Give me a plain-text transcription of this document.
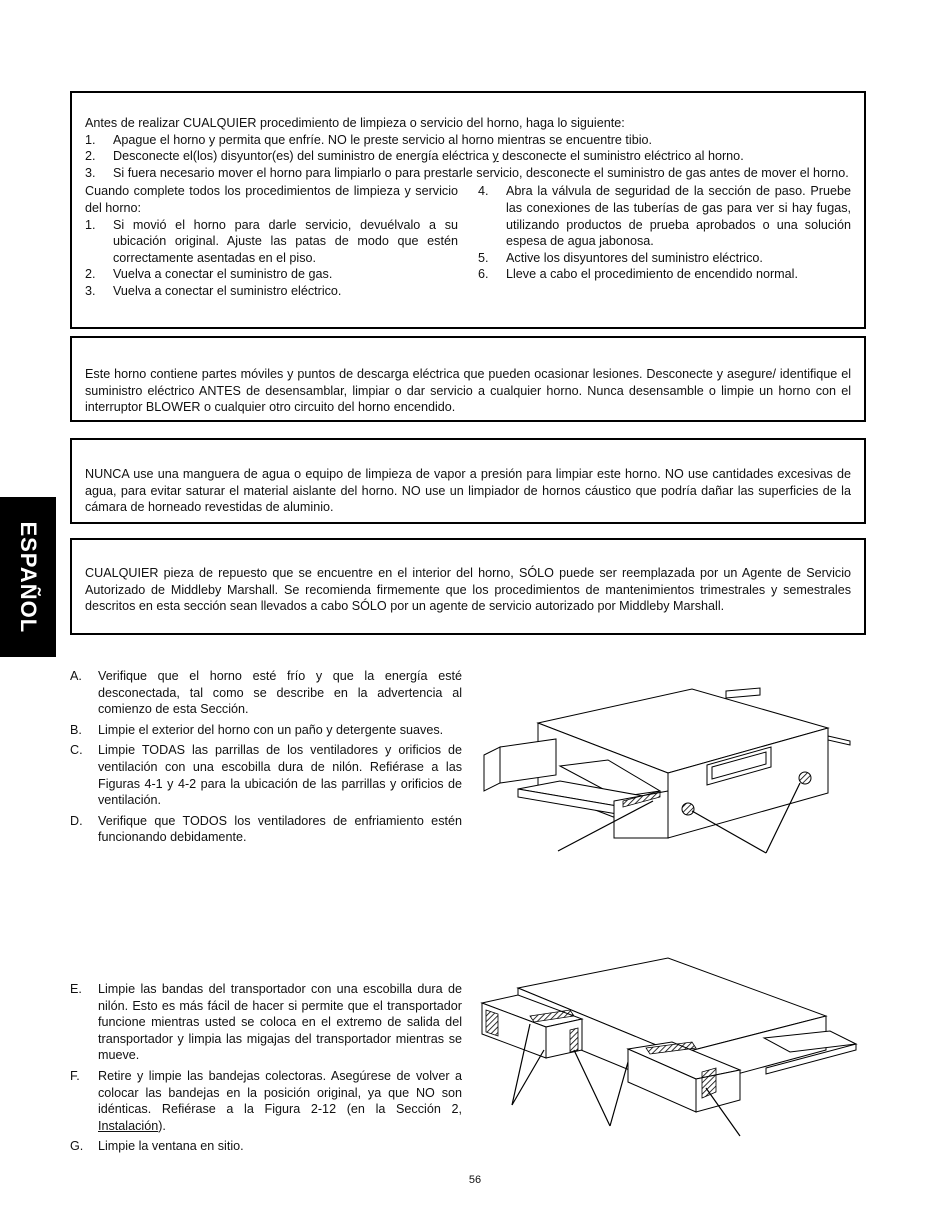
ESPAÑOL

Antes de realizar CUALQUIER procedimiento de limpieza o servicio del horno, haga lo siguiente:

1. Apague el horno y permita que enfríe. NO le preste servicio al horno mientras se encuentre tibio.
2. Desconecte el(los) disyuntor(es) del suministro de energía eléctrica y desconecte el suministro eléctrico al horno.
3. Si fuera necesario mover el horno para limpiarlo o para prestarle servicio, desconecte el suministro de gas antes de mover el horno.

Cuando complete todos los procedimientos de limpieza y servicio del horno:

1. Si movió el horno para darle servicio, devuélvalo a su ubicación original. Ajuste las patas de modo que estén correctamente asentadas en el piso.
2. Vuelva a conectar el suministro de gas.
3. Vuelva a conectar el suministro eléctrico.
4. Abra la válvula de seguridad de la sección de paso. Pruebe las conexiones de las tuberías de gas para ver si hay fugas, utilizando productos de prueba aprobados o una solución espesa de agua jabonosa.
5. Active los disyuntores del suministro eléctrico.
6. Lleve a cabo el procedimiento de encendido normal.

Este horno contiene partes móviles y puntos de descarga eléctrica que pueden ocasionar lesiones. Desconecte y asegure/ identifique el suministro eléctrico ANTES de desensamblar, limpiar o dar servicio a cualquier horno. Nunca desensamble o limpie un horno con el interruptor BLOWER o cualquier otro circuito del horno encendido.

NUNCA use una manguera de agua o equipo de limpieza de vapor a presión para limpiar este horno. NO use cantidades excesivas de agua, para evitar saturar el material aislante del horno. NO use un limpiador de hornos cáustico que podría dañar las superficies de la cámara de horneado revestidas de aluminio.

CUALQUIER pieza de repuesto que se encuentre en el interior del horno, SÓLO puede ser reemplazada por un Agente de Servicio Autorizado de Middleby Marshall. Se recomienda firmemente que los procedimientos de mantenimientos trimestrales y semestrales descritos en esta sección sean llevados a cabo SÓLO por un agente de servicio autorizado por Middleby Marshall.

A. Verifique que el horno esté frío y que la energía esté desconectada, tal como se describe en la advertencia al comienzo de esta Sección.
B. Limpie el exterior del horno con un paño y detergente suaves.
C. Limpie TODAS las parrillas de los ventiladores y orificios de ventilación con una escobilla dura de nilón. Refiérase a las Figuras 4-1 y 4-2 para la ubicación de las parrillas y orificios de ventilación.
D. Verifique que TODOS los ventiladores de enfriamiento estén funcionando debidamente.
E. Limpie las bandas del transportador con una escobilla dura de nilón. Esto es más fácil de hacer si permite que el transportador funcione mientras usted se coloca en el extremo de salida del transportador y limpia las migajas del transportador mientras se mueve.
F. Retire y limpie las bandejas colectoras. Asegúrese de volver a colocar las bandejas en la posición original, ya que NO son idénticas. Refiérase a la Figura 2-12 (en la Sección 2, Instalación).
G. Limpie la ventana en sitio.
56
